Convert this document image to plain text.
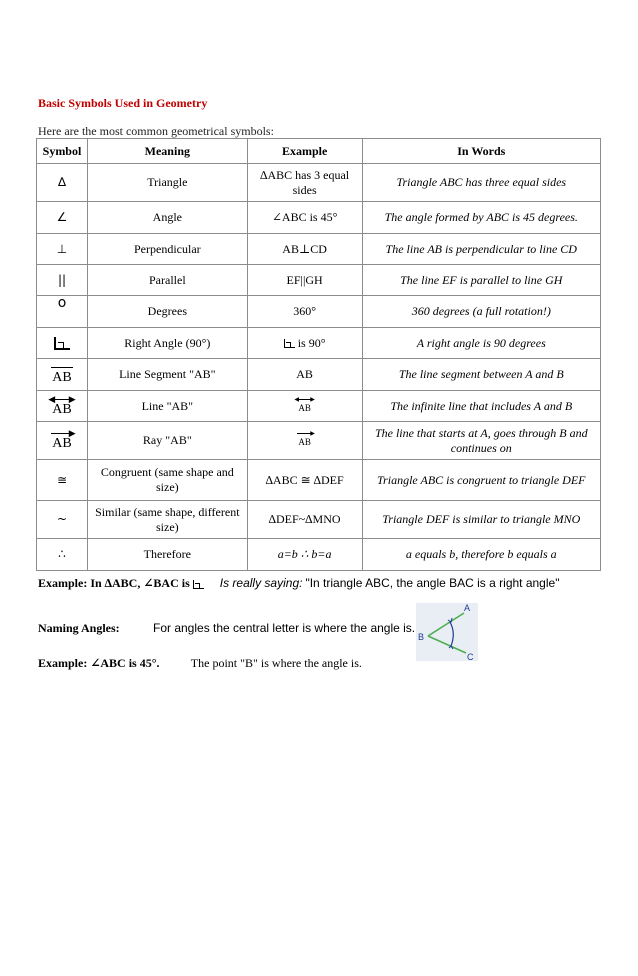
Basic Symbols Used in Geometry
Here are the most common geometrical symbols:
Symbol	Meaning	Example	In Words
∆	Triangle	∆ABC has 3 equal sides	Triangle ABC has three equal sides
∠	Angle	∠ABC is 45°	The angle formed by ABC is 45 degrees.
⊥	Perpendicular	AB⊥CD	The line AB is perpendicular to line CD
||	Parallel	EF||GH	The line EF is parallel to line GH
o	Degrees	360°	360 degrees (a full rotation!)
	Right Angle (90°)	is 90°	A right angle is 90 degrees

AB	Line Segment "AB"	AB	The line segment between A and B

◀ ▶
AB	Line "AB"	◀ ▶
AB	The infinite line that includes A and B

▶
AB	Ray "AB"	▶
AB	The line that starts at A, goes through B and continues on
≅	Congruent (same shape and size)	∆ABC ≅ ∆DEF	Triangle ABC is congruent to triangle DEF
~	Similar (same shape, different size)	∆DEF~∆MNO	Triangle DEF is similar to triangle MNO
∴	Therefore	a=b ∴ b=a	a equals b, therefore b equals a
Example: In ∆ABC, ∠BAC is	Is really saying: "In triangle ABC, the angle BAC is a right angle"
Naming Angles:	For angles the central letter is where the angle is.
Example: ∠ABC is 45°.	The point "B" is where the angle is.
A
B
C
